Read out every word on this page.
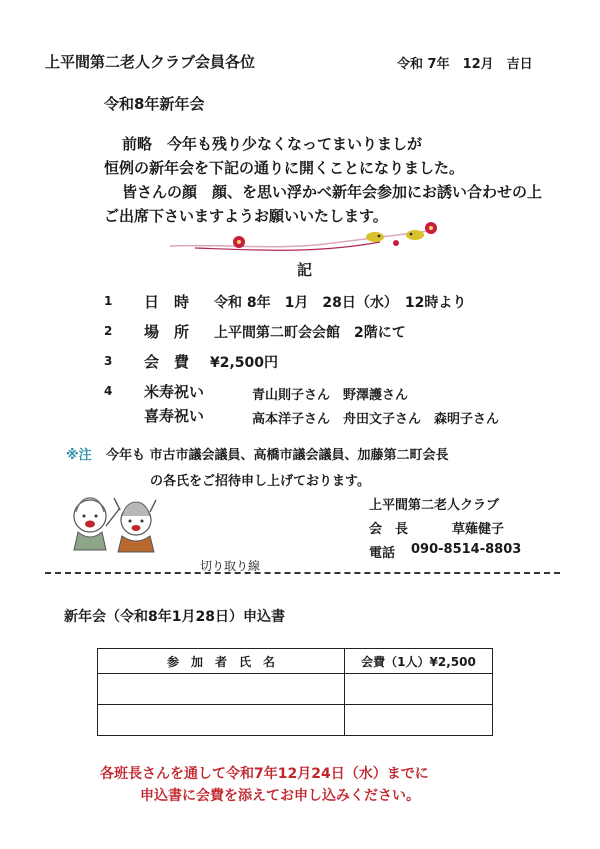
上平間第二老人クラブ会員各位	令和 7年　12月　吉日
令和8年新年会
前略　今年も残り少なくなってまいりましが
恒例の新年会を下記の通りに開くことになりました。
皆さんの顔　顔、を思い浮かべ新年会参加にお誘い合わせの上
ご出席下さいますようお願いいたします。
記
1 日　時 令和 8年　1月　28日（水）　12時より
2 場　所 上平間第二町会会館　2階にて
3 会　費 ¥2,500円
4 米寿祝い	青山則子さん　野澤護さん
喜寿祝い	高本洋子さん　舟田文子さん　森明子さん
※注 今年も 市古市議会議員、高橋市議会議員、加藤第二町会長
の各氏をご招待申し上げております。
上平間第二老人クラブ
会　長	草薙健子
電話 090-8514-8803
切り取り線
新年会（令和8年1月28日）申込書
参　加　者　氏　名	会費（1人）¥2,500

各班長さんを通して令和7年12月24日（水）までに
申込書に会費を添えてお申し込みください。
